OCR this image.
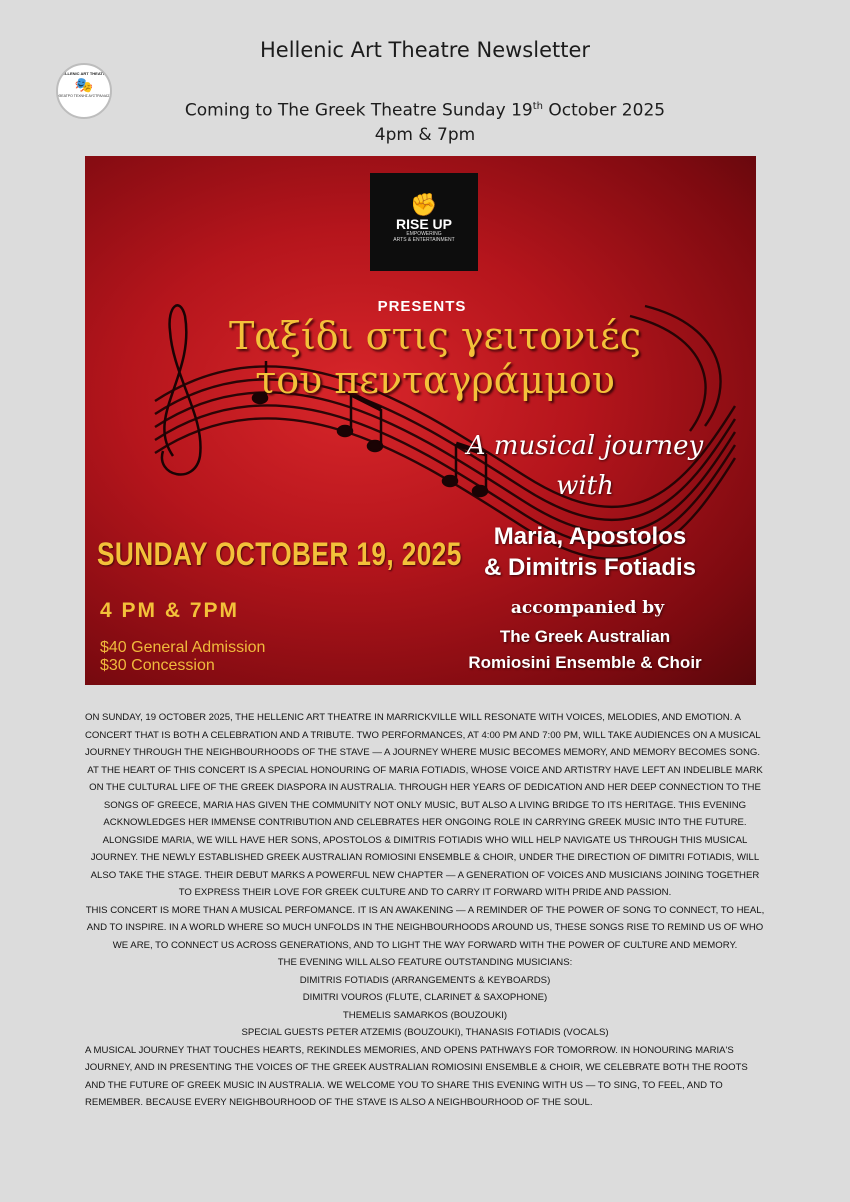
HELLENIC ART THEATRE
🎭
ΘΕΑΤΡΟ ΤΕΧΝΗΣ ΑΥΣΤΡΑΛΙΑΣ
Hellenic Art Theatre Newsletter
Coming to The Greek Theatre Sunday 19th October 2025
4pm & 7pm
✊
RISE UP
EMPOWERING
ARTS & ENTERTAINMENT
PRESENTS
Ταξίδι στις γειτονιές
του πενταγράμμου
A musical journey
with
SUNDAY OCTOBER 19, 2025
4 PM & 7PM
$40 General Admission
$30 Concession
Maria, Apostolos
& Dimitris Fotiadis
accompanied by
The Greek Australian
Romiosini Ensemble & Choir

ON SUNDAY, 19 OCTOBER 2025, THE HELLENIC ART THEATRE IN MARRICKVILLE WILL RESONATE WITH VOICES, MELODIES, AND EMOTION. A CONCERT THAT IS BOTH A CELEBRATION AND A TRIBUTE. TWO PERFORMANCES, AT 4:00 PM AND 7:00 PM, WILL TAKE AUDIENCES ON A MUSICAL JOURNEY THROUGH THE NEIGHBOURHOODS OF THE STAVE — A JOURNEY WHERE MUSIC BECOMES MEMORY, AND MEMORY BECOMES SONG.

AT THE HEART OF THIS CONCERT IS A SPECIAL HONOURING OF MARIA FOTIADIS, WHOSE VOICE AND ARTISTRY HAVE LEFT AN INDELIBLE MARK ON THE CULTURAL LIFE OF THE GREEK DIASPORA IN AUSTRALIA. THROUGH HER YEARS OF DEDICATION AND HER DEEP CONNECTION TO THE SONGS OF GREECE, MARIA HAS GIVEN THE COMMUNITY NOT ONLY MUSIC, BUT ALSO A LIVING BRIDGE TO ITS HERITAGE. THIS EVENING ACKNOWLEDGES HER IMMENSE CONTRIBUTION AND CELEBRATES HER ONGOING ROLE IN CARRYING GREEK MUSIC INTO THE FUTURE.

ALONGSIDE MARIA, WE WILL HAVE HER SONS, APOSTOLOS & DIMITRIS FOTIADIS WHO WILL HELP NAVIGATE US THROUGH THIS MUSICAL JOURNEY. THE NEWLY ESTABLISHED GREEK AUSTRALIAN ROMIOSINI ENSEMBLE & CHOIR, UNDER THE DIRECTION OF DIMITRI FOTIADIS, WILL ALSO TAKE THE STAGE. THEIR DEBUT MARKS A POWERFUL NEW CHAPTER — A GENERATION OF VOICES AND MUSICIANS JOINING TOGETHER TO EXPRESS THEIR LOVE FOR GREEK CULTURE AND TO CARRY IT FORWARD WITH PRIDE AND PASSION.

THIS CONCERT IS MORE THAN A MUSICAL PERFOMANCE. IT IS AN AWAKENING — A REMINDER OF THE POWER OF SONG TO CONNECT, TO HEAL, AND TO INSPIRE. IN A WORLD WHERE SO MUCH UNFOLDS IN THE NEIGHBOURHOODS AROUND US, THESE SONGS RISE TO REMIND US OF WHO WE ARE, TO CONNECT US ACROSS GENERATIONS, AND TO LIGHT THE WAY FORWARD WITH THE POWER OF CULTURE AND MEMORY.

THE EVENING WILL ALSO FEATURE OUTSTANDING MUSICIANS:

DIMITRIS FOTIADIS (ARRANGEMENTS & KEYBOARDS)

DIMITRI VOUROS (FLUTE, CLARINET & SAXOPHONE)

THEMELIS SAMARKOS (BOUZOUKI)

SPECIAL GUESTS PETER ATZEMIS (BOUZOUKI), THANASIS FOTIADIS (VOCALS)

A MUSICAL JOURNEY THAT TOUCHES HEARTS, REKINDLES MEMORIES, AND OPENS PATHWAYS FOR TOMORROW. IN HONOURING MARIA'S JOURNEY, AND IN PRESENTING THE VOICES OF THE GREEK AUSTRALIAN ROMIOSINI ENSEMBLE & CHOIR, WE CELEBRATE BOTH THE ROOTS AND THE FUTURE OF GREEK MUSIC IN AUSTRALIA. WE WELCOME YOU TO SHARE THIS EVENING WITH US — TO SING, TO FEEL, AND TO REMEMBER. BECAUSE EVERY NEIGHBOURHOOD OF THE STAVE IS ALSO A NEIGHBOURHOOD OF THE SOUL.
